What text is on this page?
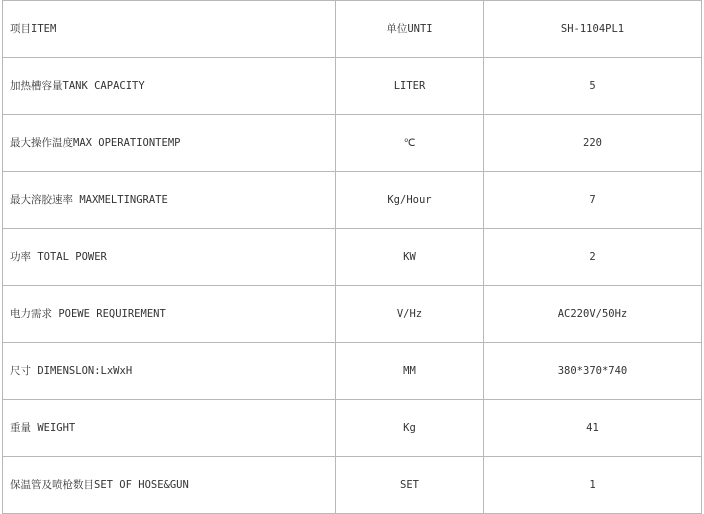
项目ITEM	单位UNTI	SH-1104PL1
加热槽容量TANK CAPACITY	LITER	5
最大操作温度MAX OPERATIONTEMP	℃	220
最大溶胶速率 MAXMELTINGRATE	Kg/Hour	7
功率 TOTAL POWER	KW	2
电力需求 POEWE REQUIREMENT	V/Hz	AC220V/50Hz
尺寸 DIMENSLON:LxWxH	MM	380*370*740
重量 WEIGHT	Kg	41
保温管及喷枪数目SET OF HOSE&GUN	SET	1
